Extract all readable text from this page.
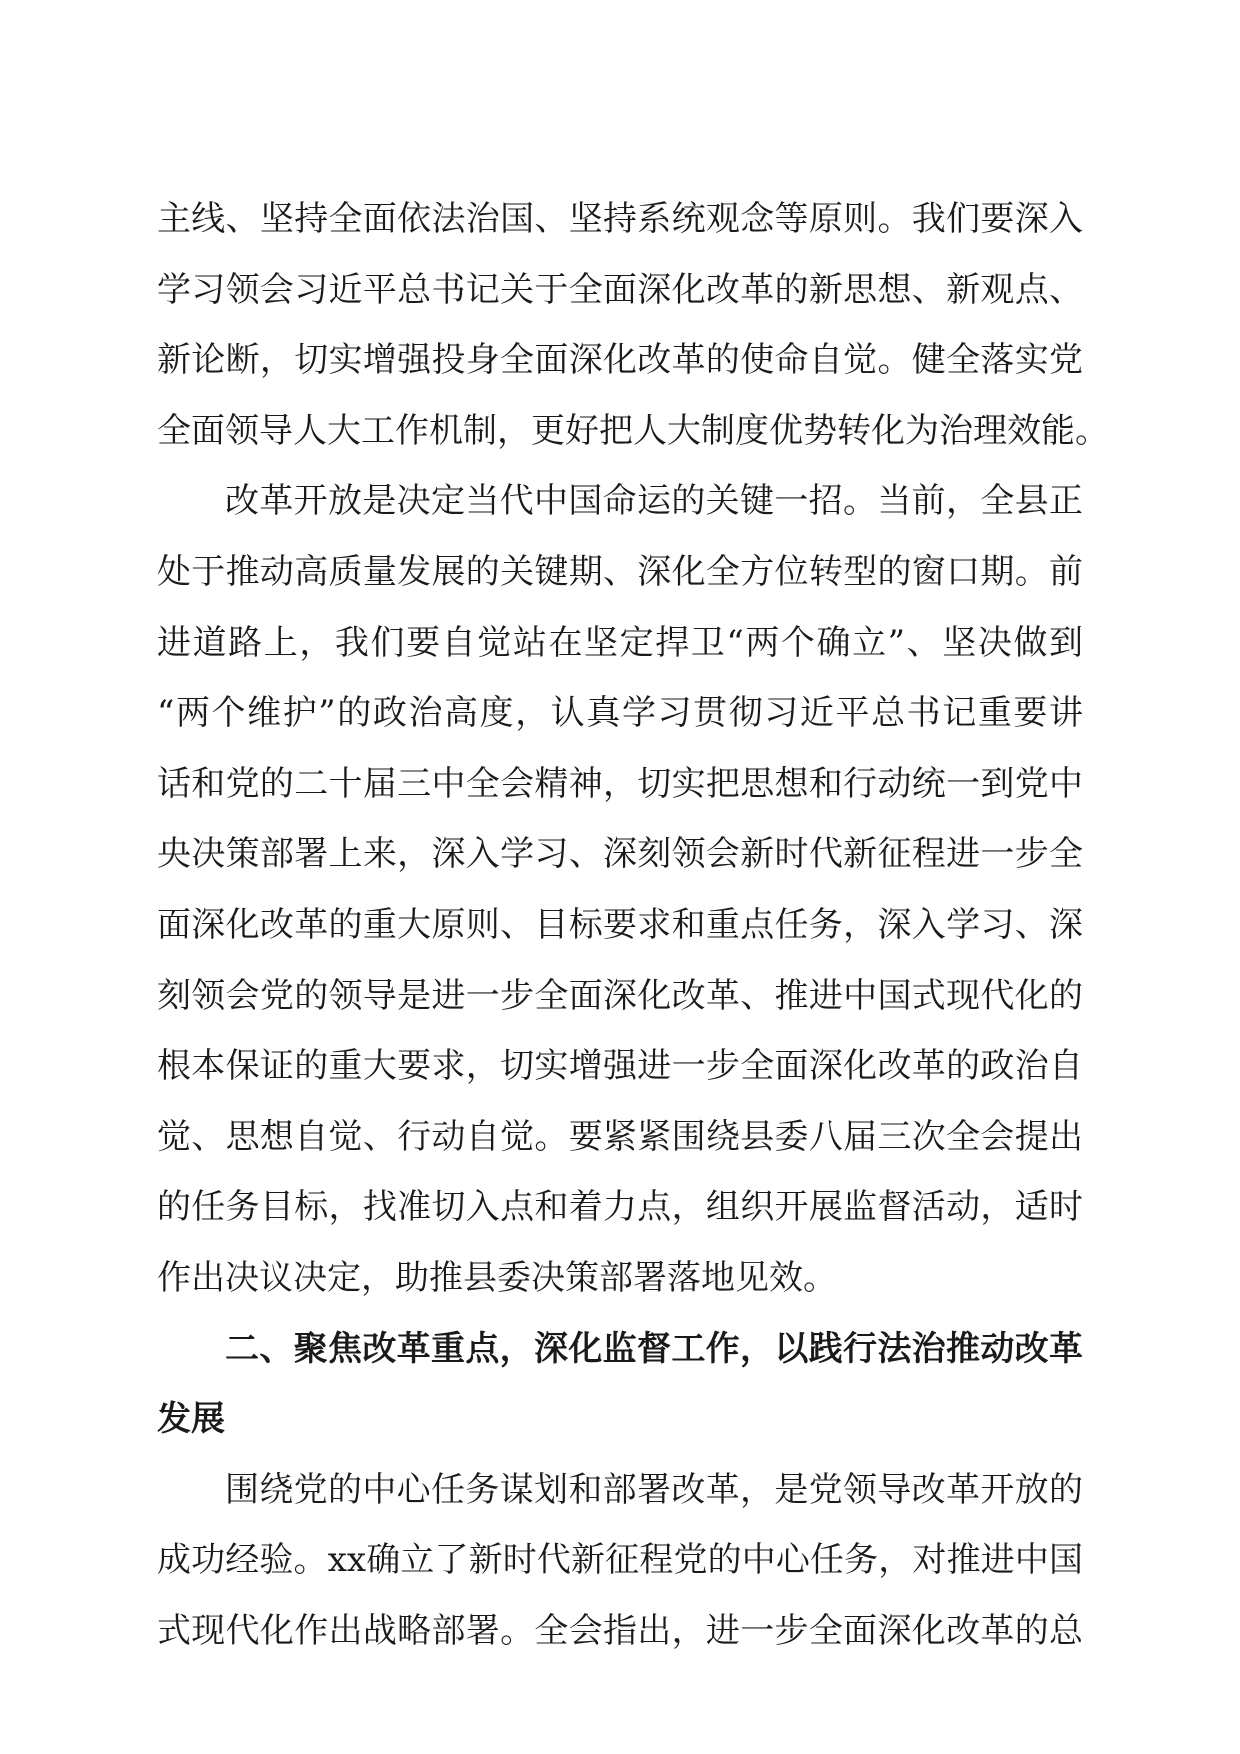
主线、坚持全面依法治国、坚持系统观念等原则。我们要深入
学习领会习近平总书记关于全面深化改革的新思想、新观点、
新论断，切实增强投身全面深化改革的使命自觉。健全落实党
全面领导人大工作机制，更好把人大制度优势转化为治理效能。
改革开放是决定当代中国命运的关键一招。当前，全县正
处于推动高质量发展的关键期、深化全方位转型的窗口期。前
进道路上，我们要自觉站在坚定捍卫“两个确立”、坚决做到
“两个维护”的政治高度，认真学习贯彻习近平总书记重要讲
话和党的二十届三中全会精神，切实把思想和行动统一到党中
央决策部署上来，深入学习、深刻领会新时代新征程进一步全
面深化改革的重大原则、目标要求和重点任务，深入学习、深
刻领会党的领导是进一步全面深化改革、推进中国式现代化的
根本保证的重大要求，切实增强进一步全面深化改革的政治自
觉、思想自觉、行动自觉。要紧紧围绕县委八届三次全会提出
的任务目标，找准切入点和着力点，组织开展监督活动，适时
作出决议决定，助推县委决策部署落地见效。
二、聚焦改革重点，深化监督工作，以践行法治推动改革
发展
围绕党的中心任务谋划和部署改革，是党领导改革开放的
成功经验。xx确立了新时代新征程党的中心任务，对推进中国
式现代化作出战略部署。全会指出，进一步全面深化改革的总
